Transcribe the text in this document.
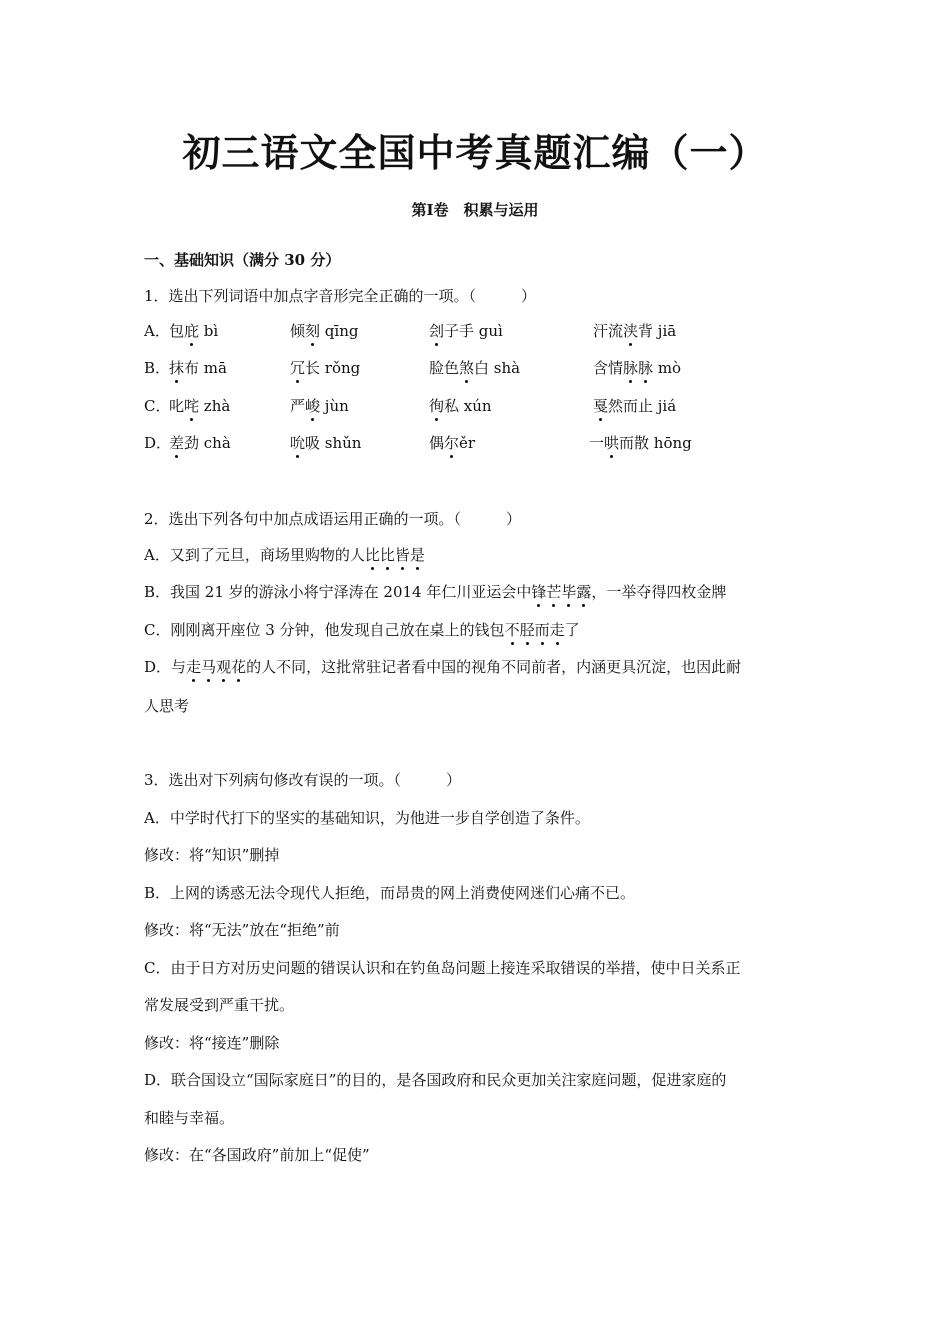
初三语文全国中考真题汇编（一）
第Ⅰ卷　积累与运用
一、基础知识（满分 30 分）
1．选出下列词语中加点字音形完全正确的一项。（　　　）
A． 包庇 bì	倾刻 qīng	刽子手 guì	汗流浃背 jiā
B．
抹布 mā	冗长 rǒng	脸色煞白 shà	含情脉脉 mò
C．
叱咤 zhà	严峻 jùn	徇私 xún	戛然而止 jiá
D．
差劲 chà	吮吸 shǔn	偶尔ěr	一哄而散 hōng
2．选出下列各句中加点成语运用正确的一项。（　　　）
A．又到了元旦，商场里购物的人比比皆是
B．我国 21 岁的游泳小将宁泽涛在 2014 年仁川亚运会中锋芒毕露，一举夺得四枚金牌
C．刚刚离开座位 3 分钟，他发现自己放在桌上的钱包不胫而走了
D．与走马观花的人不同，这批常驻记者看中国的视角不同前者，内涵更具沉淀，也因此耐
人思考
3．选出对下列病句修改有误的一项。（　　　）
A．中学时代打下的坚实的基础知识，为他进一步自学创造了条件。
修改：将“知识”删掉
B．上网的诱惑无法令现代人拒绝，而昂贵的网上消费使网迷们心痛不已。
修改：将“无法”放在“拒绝”前
C．由于日方对历史问题的错误认识和在钓鱼岛问题上接连采取错误的举措，使中日关系正
常发展受到严重干扰。
修改：将“接连”删除
D．联合国设立“国际家庭日”的目的，是各国政府和民众更加关注家庭问题，促进家庭的
和睦与幸福。
修改：在“各国政府”前加上“促使”
